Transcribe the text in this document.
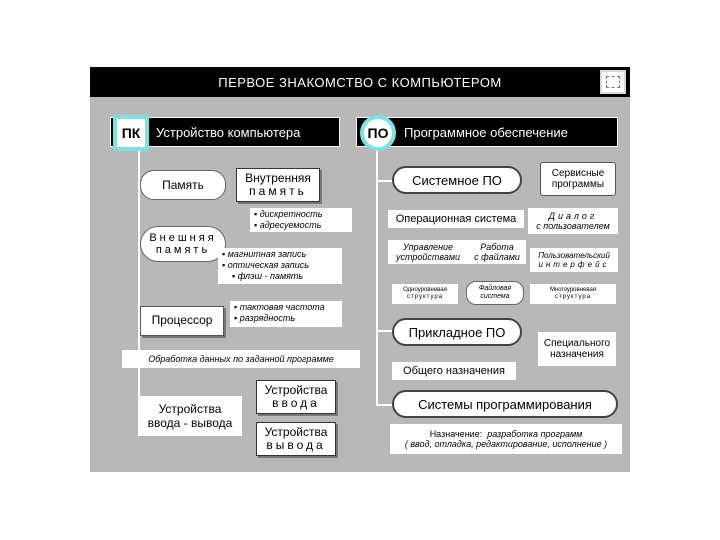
ПЕРВОЕ ЗНАКОМСТВО С КОМПЬЮТЕРОМ
ПК	Устройство компьютера	ПО	Программное обеспечение
Память
Внутренняя
память
▪ дискретность
▪ адресуемость
Внешняя
память
▪	магнитная запись
▪ оптическая запись
▪ флэш - память
Процессор
▪ тактовая частота
▪ разрядность
Обработка данных по заданной программе
Устройства
ввода - вывода
Устройства
ввода
Устройства
вывода
Системное ПО	Сервисные
программы
Операционная система	Диалог
с пользователем
Управление
устройствами
Работа
с файлами	Пользовательский
интерфейс
Одноуровневая
структура
Файловая
система
Многоуровневая
структура
Прикладное ПО
Специального
назначения
Общего назначения
Системы программирования
Назначение: разработка программ
( ввод, отладка, редактирование, исполнение )
